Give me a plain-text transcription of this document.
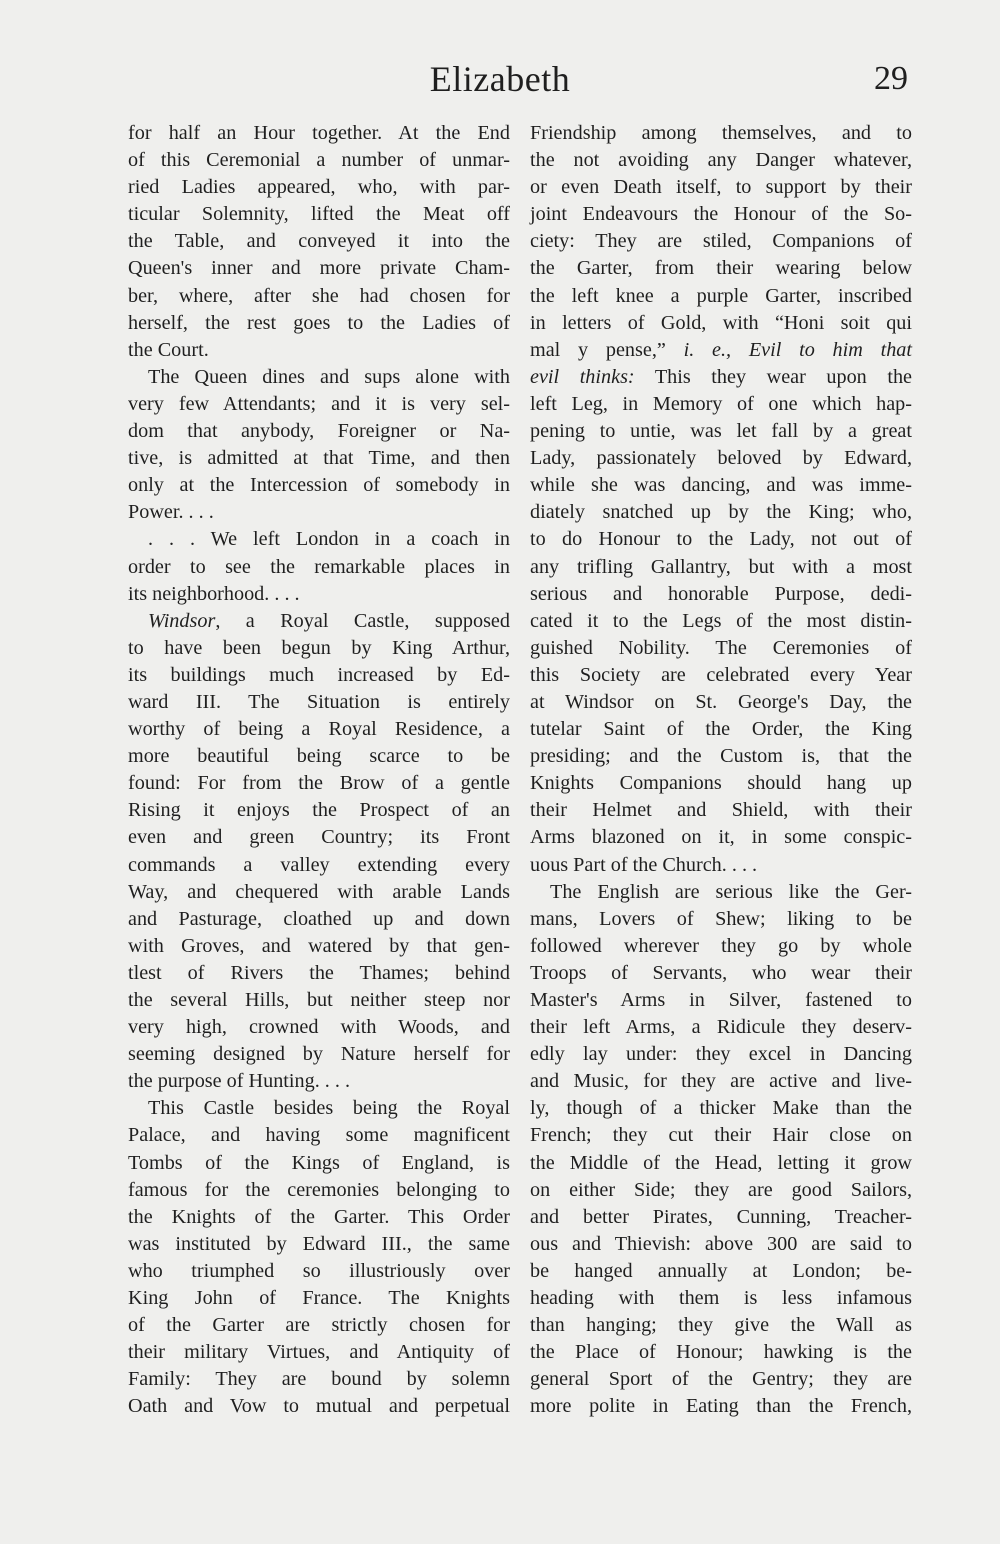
Elizabeth	29
for half an Hour together. At the End
of this Ceremonial a number of unmar-
ried Ladies appeared, who, with par-
ticular Solemnity, lifted the Meat off
the Table, and conveyed it into the
Queen's inner and more private Cham-
ber, where, after she had chosen for
herself, the rest goes to the Ladies of
the Court.
The Queen dines and sups alone with
very few Attendants; and it is very sel-
dom that anybody, Foreigner or Na-
tive, is admitted at that Time, and then
only at the Intercession of somebody in
Power. . . .
. . . We left London in a coach in
order to see the remarkable places in
its neighborhood. . . .
Windsor, a Royal Castle, supposed
to have been begun by King Arthur,
its buildings much increased by Ed-
ward III. The Situation is entirely
worthy of being a Royal Residence, a
more beautiful being scarce to be
found: For from the Brow of a gentle
Rising it enjoys the Prospect of an
even and green Country; its Front
commands a valley extending every
Way, and chequered with arable Lands
and Pasturage, cloathed up and down
with Groves, and watered by that gen-
tlest of Rivers the Thames; behind
the several Hills, but neither steep nor
very high, crowned with Woods, and
seeming designed by Nature herself for
the purpose of Hunting. . . .
This Castle besides being the Royal
Palace, and having some magnificent
Tombs of the Kings of England, is
famous for the ceremonies belonging to
the Knights of the Garter. This Order
was instituted by Edward III., the same
who triumphed so illustriously over
King John of France. The Knights
of the Garter are strictly chosen for
their military Virtues, and Antiquity of
Family: They are bound by solemn
Oath and Vow to mutual and perpetual
Friendship among themselves, and to
the not avoiding any Danger whatever,
or even Death itself, to support by their
joint Endeavours the Honour of the So-
ciety: They are stiled, Companions of
the Garter, from their wearing below
the left knee a purple Garter, inscribed
in letters of Gold, with “Honi soit qui
mal y pense,” i. e., Evil to him that
evil thinks: This they wear upon the
left Leg, in Memory of one which hap-
pening to untie, was let fall by a great
Lady, passionately beloved by Edward,
while she was dancing, and was imme-
diately snatched up by the King; who,
to do Honour to the Lady, not out of
any trifling Gallantry, but with a most
serious and honorable Purpose, dedi-
cated it to the Legs of the most distin-
guished Nobility. The Ceremonies of
this Society are celebrated every Year
at Windsor on St. George's Day, the
tutelar Saint of the Order, the King
presiding; and the Custom is, that the
Knights Companions should hang up
their Helmet and Shield, with their
Arms blazoned on it, in some conspic-
uous Part of the Church. . . .
The English are serious like the Ger-
mans, Lovers of Shew; liking to be
followed wherever they go by whole
Troops of Servants, who wear their
Master's Arms in Silver, fastened to
their left Arms, a Ridicule they deserv-
edly lay under: they excel in Dancing
and Music, for they are active and live-
ly, though of a thicker Make than the
French; they cut their Hair close on
the Middle of the Head, letting it grow
on either Side; they are good Sailors,
and better Pirates, Cunning, Treacher-
ous and Thievish: above 300 are said to
be hanged annually at London; be-
heading with them is less infamous
than hanging; they give the Wall as
the Place of Honour; hawking is the
general Sport of the Gentry; they are
more polite in Eating than the French,
